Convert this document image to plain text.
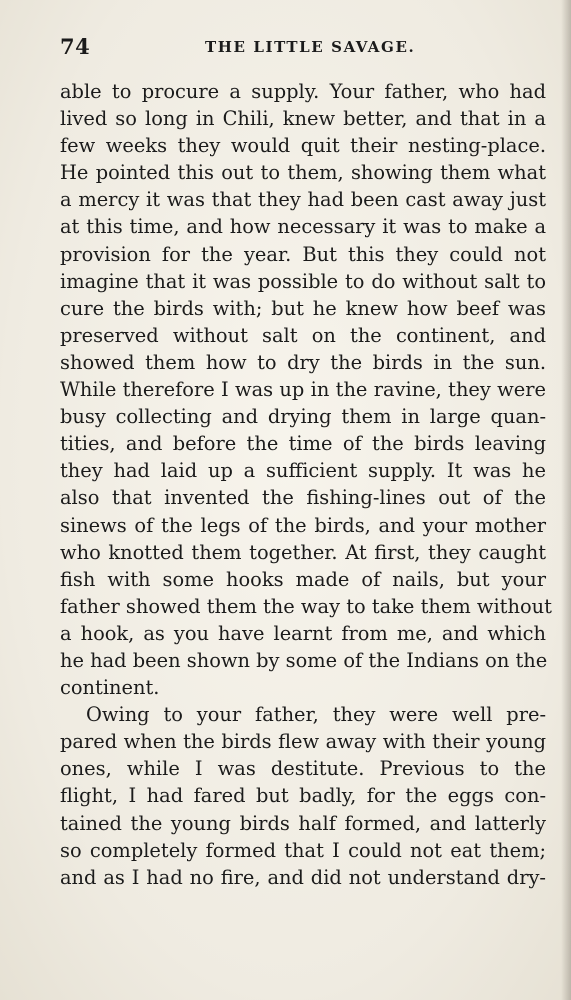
74	THE LITTLE SAVAGE.
able to procure a supply. Your father, who had
lived so long in Chili, knew better, and that in a
few weeks they would quit their nesting-place.
He pointed this out to them, showing them what
a mercy it was that they had been cast away just
at this time, and how necessary it was to make a
provision for the year. But this they could not
imagine that it was possible to do without salt to
cure the birds with; but he knew how beef was
preserved without salt on the continent, and
showed them how to dry the birds in the sun.
While therefore I was up in the ravine, they were
busy collecting and drying them in large quan-
tities, and before the time of the birds leaving
they had laid up a sufficient supply. It was he
also that invented the fishing-lines out of the
sinews of the legs of the birds, and your mother
who knotted them together. At first, they caught
fish with some hooks made of nails, but your
father showed them the way to take them without
a hook, as you have learnt from me, and which
he had been shown by some of the Indians on the
continent.
Owing to your father, they were well pre-
pared when the birds flew away with their young
ones, while I was destitute. Previous to the
flight, I had fared but badly, for the eggs con-
tained the young birds half formed, and latterly
so completely formed that I could not eat them;
and as I had no fire, and did not understand dry-
